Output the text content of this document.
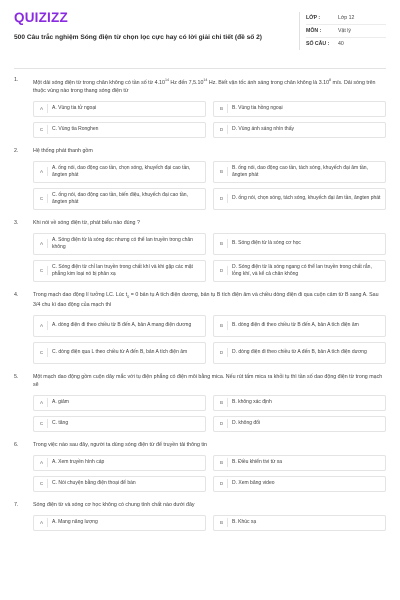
QUIZIZZ
500 Câu trắc nghiệm Sóng điện từ chọn lọc cực hay có lời giải chi tiết (đề số 2)
LỚP :	Lớp 12
MÔN :	Vật lý
SỐ CÂU :	40
1.	Một dải sóng điện từ trong chân không có tần số từ 4.10$^{14}$ Hz đến 7,5.10$^{14}$ Hz. Biết vận tốc ánh sáng trong chân không là 3.10$^8$ m/s. Dải sóng trên thuộc vùng nào trong thang sóng điện từ
A	A. Vùng tia tử ngoại	B	B. Vùng tia hồng ngoại
C	C. Vùng tia Ronghen	D	D. Vùng ánh sáng nhìn thấy
2.	Hệ thống phát thanh gồm
A
A. ống nói, dao động cao tần, chọn sóng, khuyếch đại cao tần, ăngten phát	B
B. ống nói, dao động cao tần, tách sóng, khuyếch đại âm tần, ăngten phát
C
C. ống nói, dao động cao tần, biến điệu, khuyếch đại cao tần, ăngten phát	D	D. ống nói, chọn sóng, tách sóng, khuyếch đại âm tần, ăngten phát
3.	Khi nói về sóng điện từ, phát biểu nào đúng ?
A
A. Sóng điện từ là sóng dọc nhưng có thể lan truyền trong chân không	B	B. Sóng điện từ là sóng cơ học
C
C. Sóng điện từ chỉ lan truyền trong chất khí và khi gặp các mặt phẳng kim loại nó bị phản xạ	D
D. Sóng điện từ là sóng ngang có thể lan truyền trong chất rắn, lỏng khí, và kể cả chân không
4.	Trong mạch dao động lí tưởng LC. Lúc $t_0 = 0$ bản tụ A tích điện dương, bản tụ B tích điện âm và chiều dòng điện đi qua cuộn cảm từ B sang A. Sau 3/4 chu kì dao động của mạch thì
A	A. dòng điện đi theo chiều từ B đến A, bản A mang điện dương	B	B. dòng điện đi theo chiều từ B đến A, bản A tích điện âm
C	C. dòng điện qua L theo chiều từ A đến B, bản A tích điện âm	D	D. dòng điện đi theo chiều từ A đến B, bản A tích điện dương
5.	Một mạch dao động gồm cuộn dây mắc với tụ điện phẳng có điện môi bằng mica. Nếu rút tấm mica ra khỏi tụ thì tần số dao động điện từ trong mạch sẽ
A	A. giảm	B	B. không xác định
C	C. tăng	D	D. không đổi
6.	Trong việc nào sau đây, người ta dùng sóng điện từ để truyền tải thông tin
A	A. Xem truyền hình cáp	B	B. Điều khiển tivi từ xa
C	C. Nói chuyện bằng điện thoại để bàn	D	D. Xem băng video
7.	Sóng điện từ và sóng cơ học không có chung tính chất nào dưới đây
A	A. Mang năng lượng	B	B. Khúc xạ
